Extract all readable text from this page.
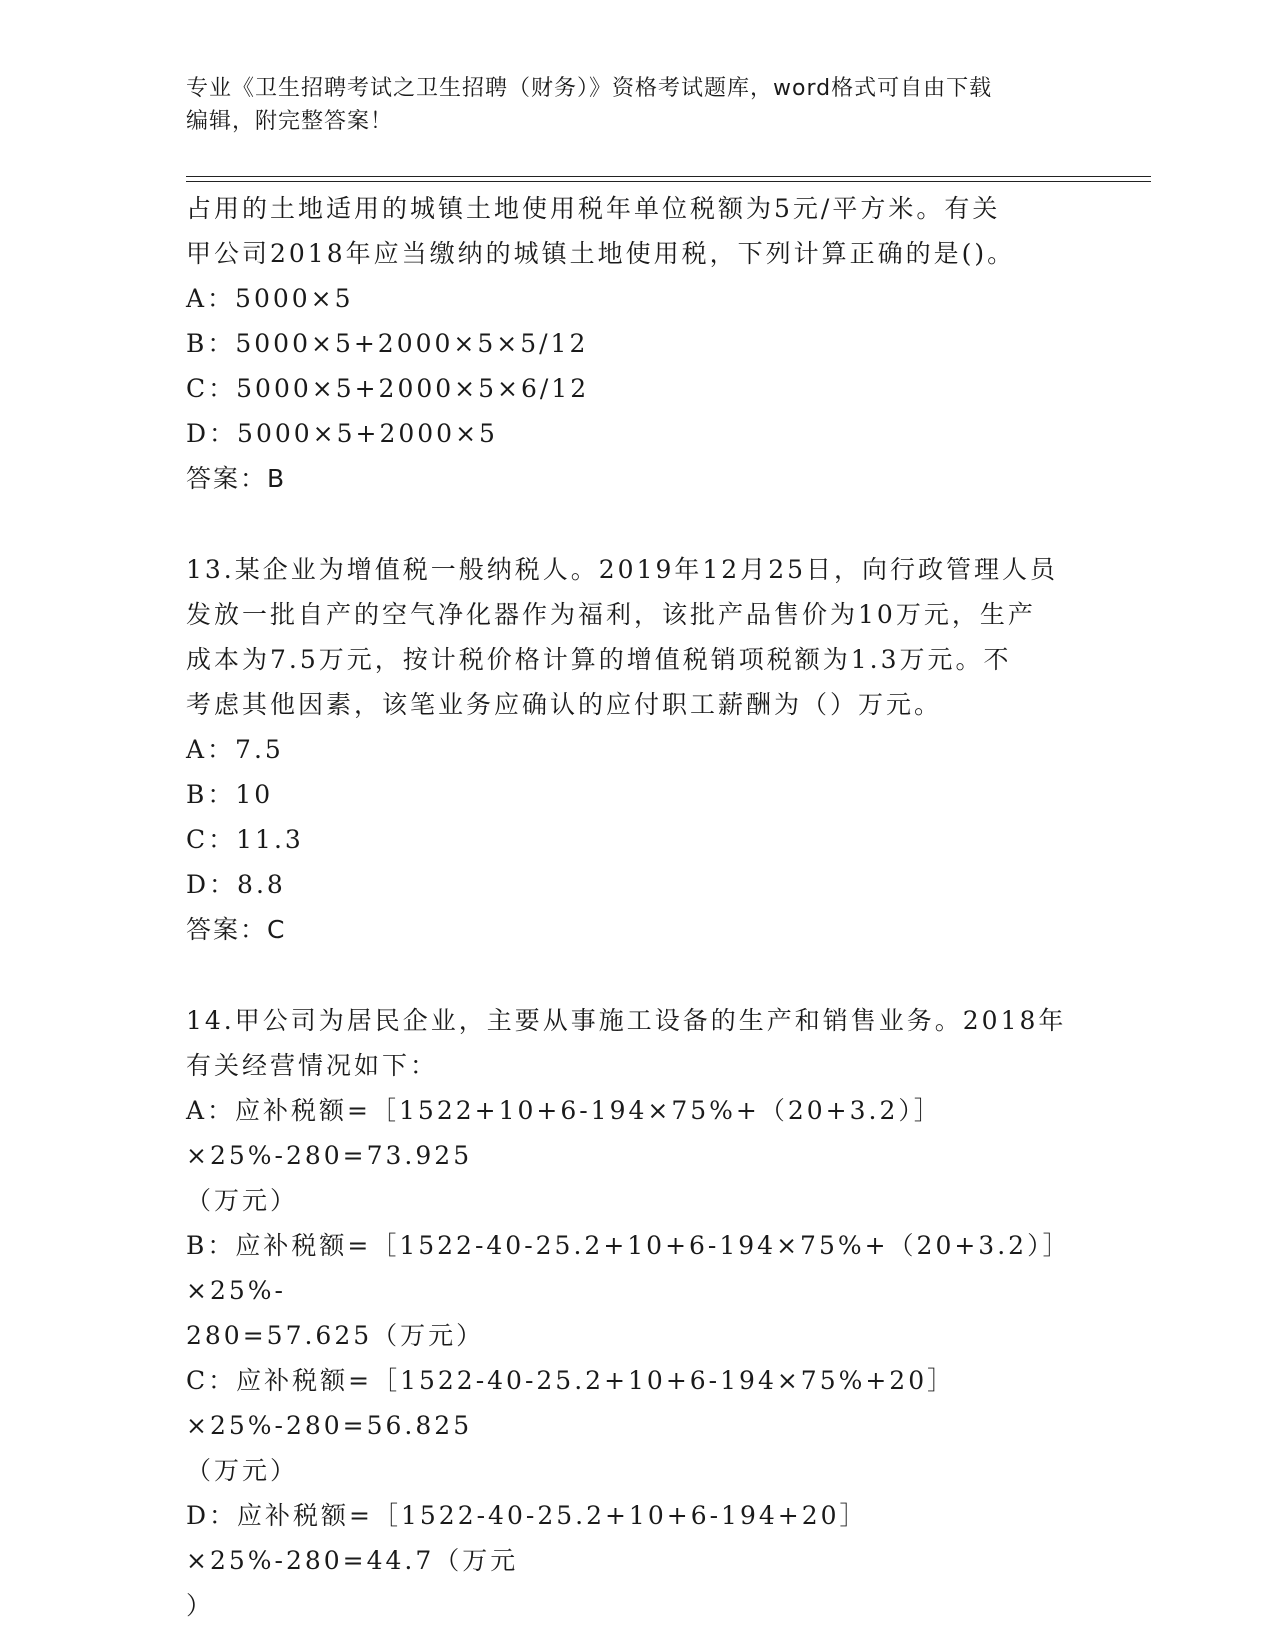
专业《卫生招聘考试之卫生招聘（财务）》资格考试题库，word格式可自由下载
编辑，附完整答案！

占用的土地适用的城镇土地使用税年单位税额为5元/平方米。有关

甲公司2018年应当缴纳的城镇土地使用税，下列计算正确的是()。

A：5000×5

B：5000×5+2000×5×5/12

C：5000×5+2000×5×6/12

D：5000×5+2000×5

答案：B

13.某企业为增值税一般纳税人。2019年12月25日，向行政管理人员

发放一批自产的空气净化器作为福利，该批产品售价为10万元，生产

成本为7.5万元，按计税价格计算的增值税销项税额为1.3万元。不

考虑其他因素，该笔业务应确认的应付职工薪酬为（）万元。

A：7.5

B：10

C：11.3

D：8.8

答案：C

14.甲公司为居民企业，主要从事施工设备的生产和销售业务。2018年

有关经营情况如下：

A：应补税额=［1522+10+6-194×75%+（20+3.2）］×25%-280=73.925

（万元）

B：应补税额=［1522-40-25.2+10+6-194×75%+（20+3.2）］×25%-

280=57.625（万元）

C：应补税额=［1522-40-25.2+10+6-194×75%+20］×25%-280=56.825

（万元）

D：应补税额=［1522-40-25.2+10+6-194+20］×25%-280=44.7（万元

）
